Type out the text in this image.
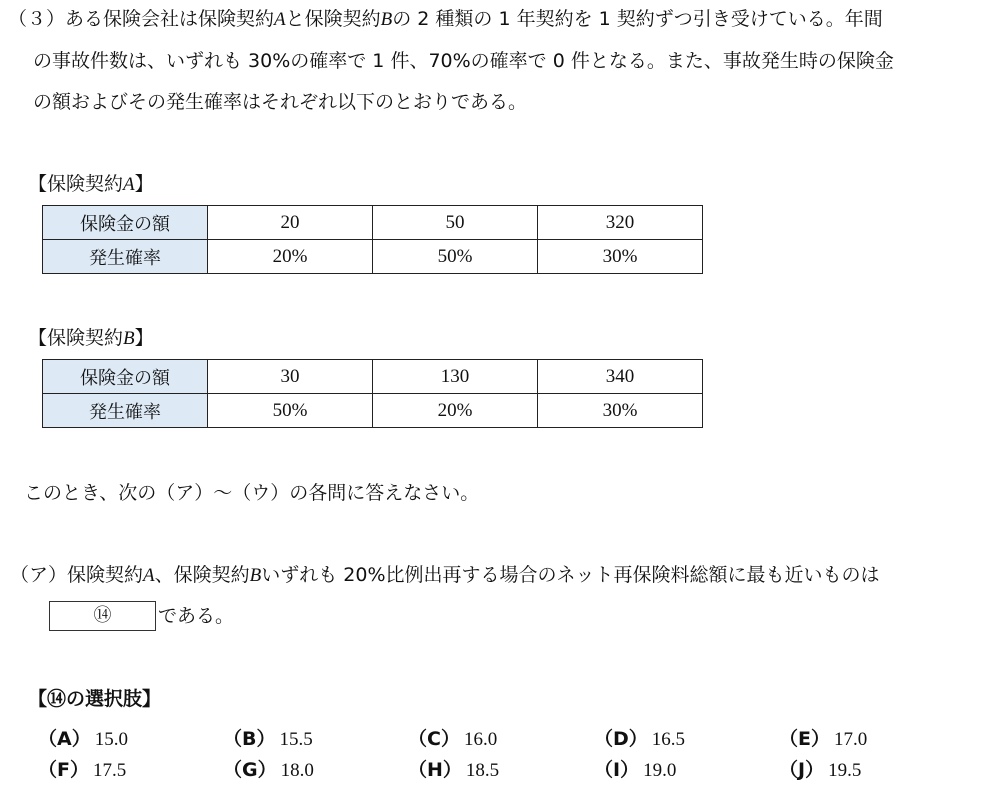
（３）ある保険会社は保険契約Aと保険契約Bの 2 種類の 1 年契約を 1 契約ずつ引き受けている。年間
の事故件数は、いずれも 30%の確率で 1 件、70%の確率で 0 件となる。また、事故発生時の保険金
の額およびその発生確率はそれぞれ以下のとおりである。
【保険契約A】
保険金の額	20	50	320
発生確率	20%	50%	30%
【保険契約B】
保険金の額	30	130	340
発生確率	50%	20%	30%
このとき、次の（ア）～（ウ）の各問に答えなさい。
（ア）保険契約A、保険契約Bいずれも 20%比例出再する場合のネット再保険料総額に最も近いものは
⑭	である。
【⑭の選択肢】
（A） 15.0	（B） 15.5	（C） 16.0	（D） 16.5	（E） 17.0
（F） 17.5	（G） 18.0	（H） 18.5	（I） 19.0	（J） 19.5
